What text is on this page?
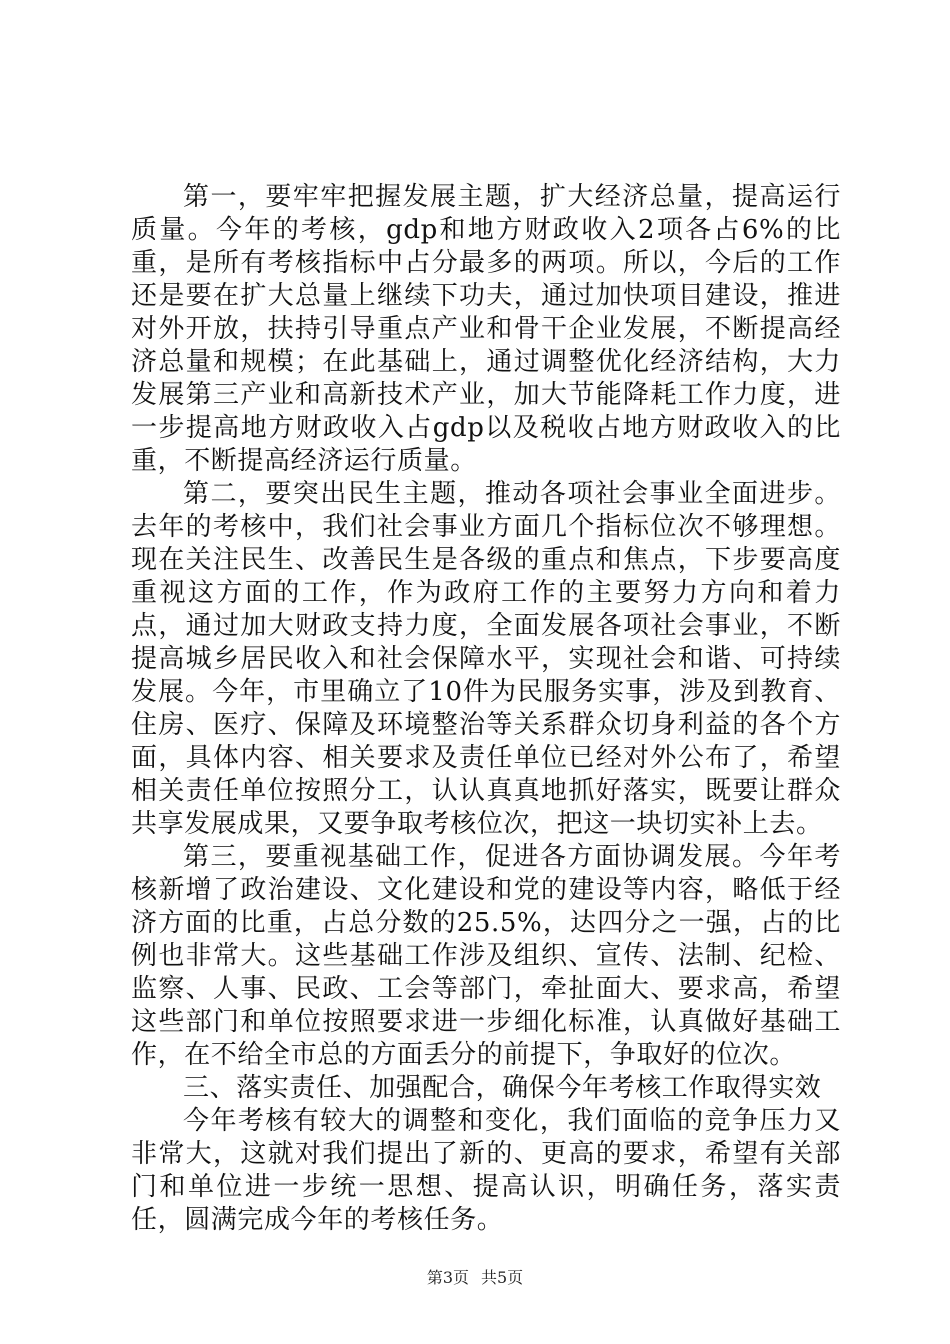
第一，要牢牢把握发展主题，扩大经济总量，提高运行质量。今年的考核，gdp和地方财政收入2项各占6%的比重，是所有考核指标中占分最多的两项。所以，今后的工作还是要在扩大总量上继续下功夫，通过加快项目建设，推进对外开放，扶持引导重点产业和骨干企业发展，不断提高经济总量和规模；在此基础上，通过调整优化经济结构，大力发展第三产业和高新技术产业，加大节能降耗工作力度，进一步提高地方财政收入占gdp以及税收占地方财政收入的比重，不断提高经济运行质量。

第二，要突出民生主题，推动各项社会事业全面进步。去年的考核中，我们社会事业方面几个指标位次不够理想。现在关注民生、改善民生是各级的重点和焦点，下步要高度重视这方面的工作，作为政府工作的主要努力方向和着力点，通过加大财政支持力度，全面发展各项社会事业，不断提高城乡居民收入和社会保障水平，实现社会和谐、可持续发展。今年，市里确立了10件为民服务实事，涉及到教育、住房、医疗、保障及环境整治等关系群众切身利益的各个方面，具体内容、相关要求及责任单位已经对外公布了，希望相关责任单位按照分工，认认真真地抓好落实，既要让群众共享发展成果，又要争取考核位次，把这一块切实补上去。

第三，要重视基础工作，促进各方面协调发展。今年考核新增了政治建设、文化建设和党的建设等内容，略低于经济方面的比重，占总分数的25.5%，达四分之一强，占的比例也非常大。这些基础工作涉及组织、宣传、法制、纪检、监察、人事、民政、工会等部门，牵扯面大、要求高，希望这些部门和单位按照要求进一步细化标准，认真做好基础工作，在不给全市总的方面丢分的前提下，争取好的位次。

三、落实责任、加强配合，确保今年考核工作取得实效

今年考核有较大的调整和变化，我们面临的竞争压力又非常大，这就对我们提出了新的、更高的要求，希望有关部门和单位进一步统一思想、提高认识，明确任务，落实责任，圆满完成今年的考核任务。

第3页 共5页
